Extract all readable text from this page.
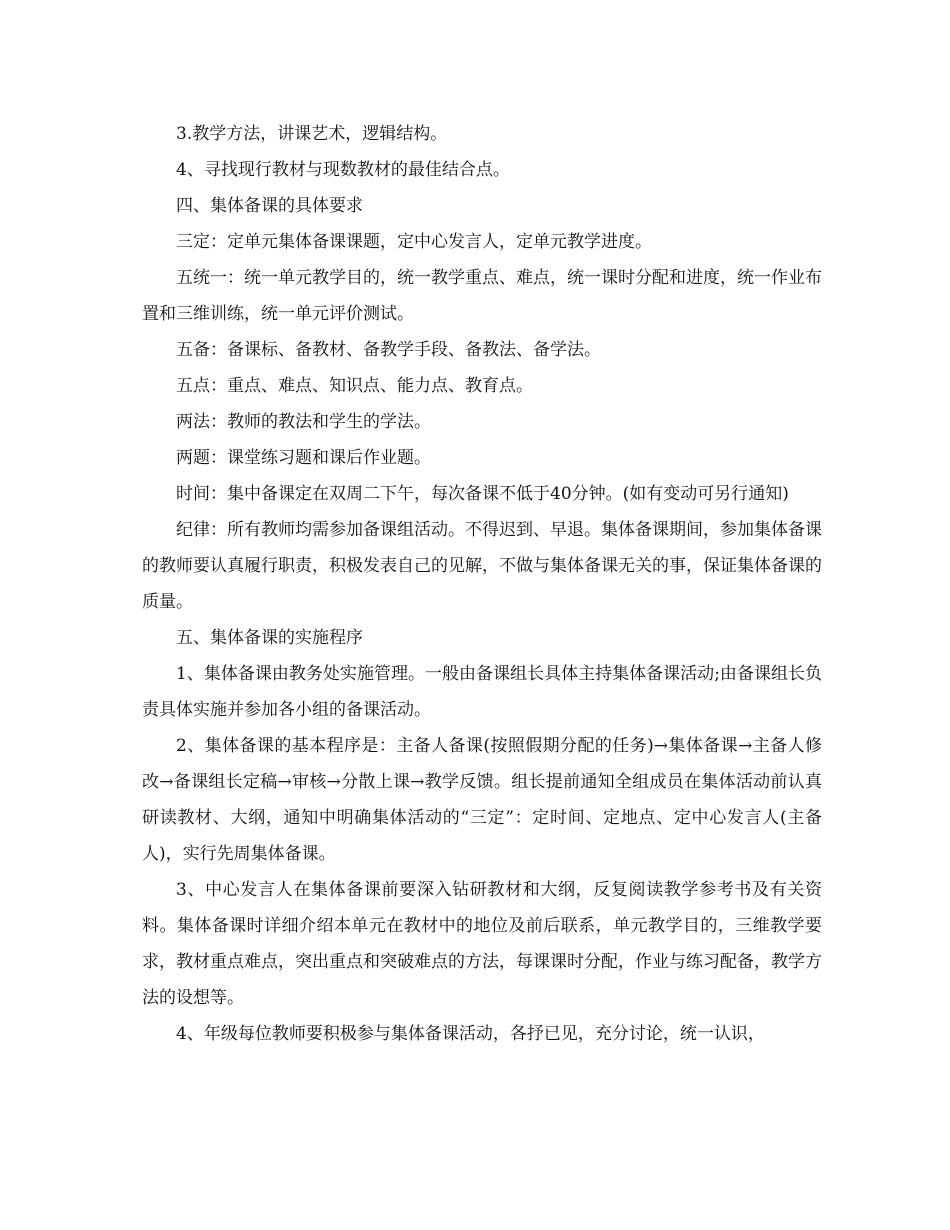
3.教学方法，讲课艺术，逻辑结构。

4、寻找现行教材与现数教材的最佳结合点。

四、集体备课的具体要求

三定：定单元集体备课课题，定中心发言人，定单元教学进度。

五统一：统一单元教学目的，统一教学重点、难点，统一课时分配和进度，统一作业布置和三维训练，统一单元评价测试。

五备：备课标、备教材、备教学手段、备教法、备学法。

五点：重点、难点、知识点、能力点、教育点。

两法：教师的教法和学生的学法。

两题：课堂练习题和课后作业题。

时间：集中备课定在双周二下午，每次备课不低于40分钟。(如有变动可另行通知)

纪律：所有教师均需参加备课组活动。不得迟到、早退。集体备课期间，参加集体备课的教师要认真履行职责，积极发表自己的见解，不做与集体备课无关的事，保证集体备课的质量。

五、集体备课的实施程序

1、集体备课由教务处实施管理。一般由备课组长具体主持集体备课活动;由备课组长负责具体实施并参加各小组的备课活动。

2、集体备课的基本程序是：主备人备课(按照假期分配的任务)→集体备课→主备人修改→备课组长定稿→审核→分散上课→教学反馈。组长提前通知全组成员在集体活动前认真研读教材、大纲，通知中明确集体活动的“三定”：定时间、定地点、定中心发言人(主备人)，实行先周集体备课。

3、中心发言人在集体备课前要深入钻研教材和大纲，反复阅读教学参考书及有关资料。集体备课时详细介绍本单元在教材中的地位及前后联系，单元教学目的，三维教学要求，教材重点难点，突出重点和突破难点的方法，每课课时分配，作业与练习配备，教学方法的设想等。

4、年级每位教师要积极参与集体备课活动，各抒已见，充分讨论，统一认识，
